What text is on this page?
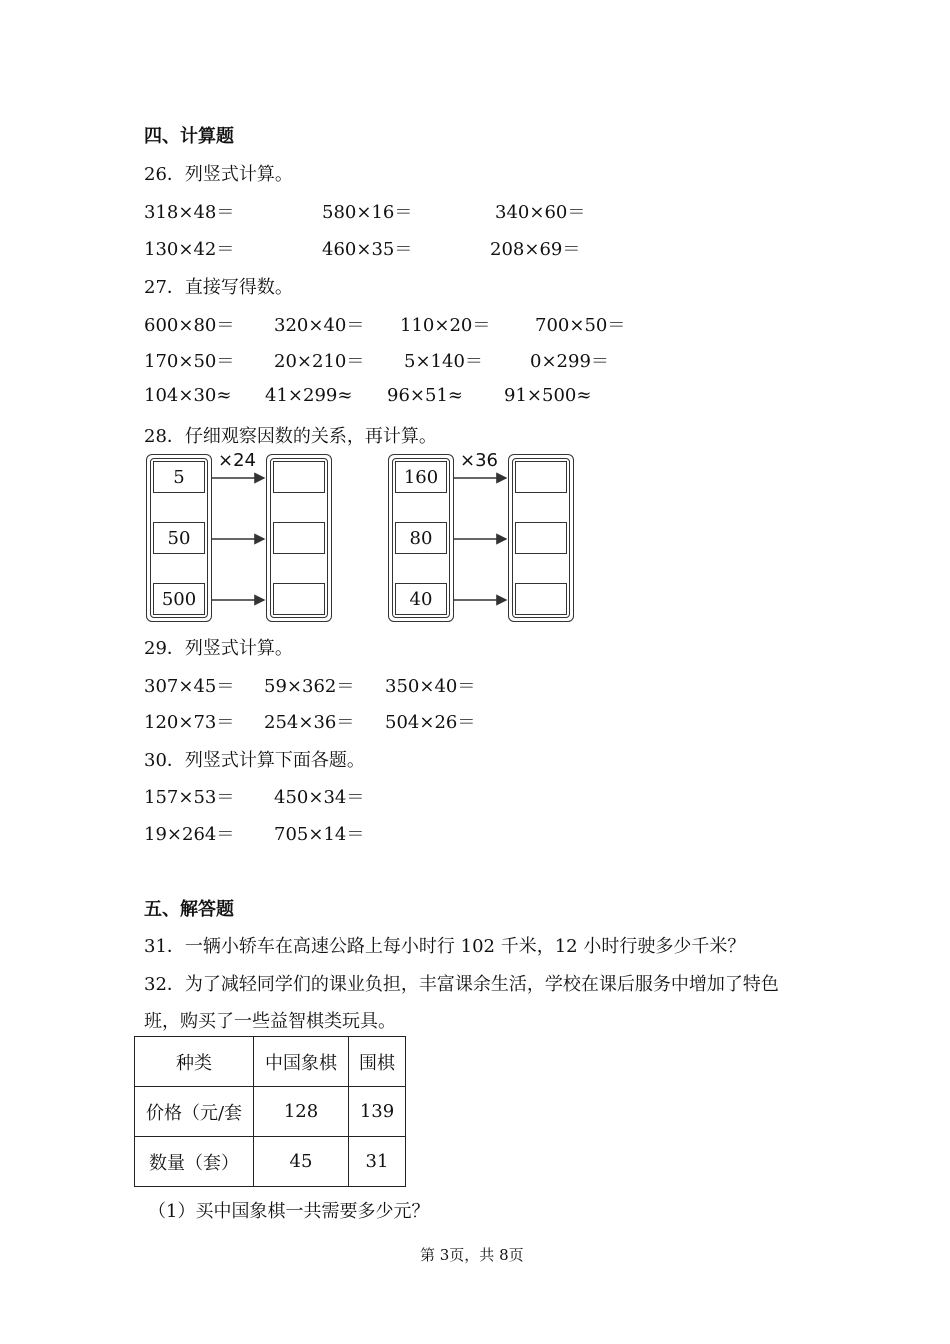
四、计算题
26．列竖式计算。
318×48＝	580×16＝	340×60＝
130×42＝	460×35＝	208×69＝
27．直接写得数。
600×80＝ 320×40＝ 110×20＝ 700×50＝
170×50＝ 20×210＝ 5×140＝	0×299＝
104×30≈ 41×299≈ 96×51≈ 91×500≈
28．仔细观察因数的关系，再计算。
5
50
500
×24
160
80
40
×36
29．列竖式计算。
307×45＝ 59×362＝ 350×40＝
120×73＝ 254×36＝ 504×26＝
30．列竖式计算下面各题。
157×53＝ 450×34＝
19×264＝ 705×14＝
五、解答题
31．一辆小轿车在高速公路上每小时行 102 千米，12 小时行驶多少千米？
32．为了减轻同学们的课业负担，丰富课余生活，学校在课后服务中增加了特色
班，购买了一些益智棋类玩具。
种类	中国象棋	围棋
价格（元/套	128	139
数量（套）	45	31
（1）买中国象棋一共需要多少元？
第 3页，共 8页
